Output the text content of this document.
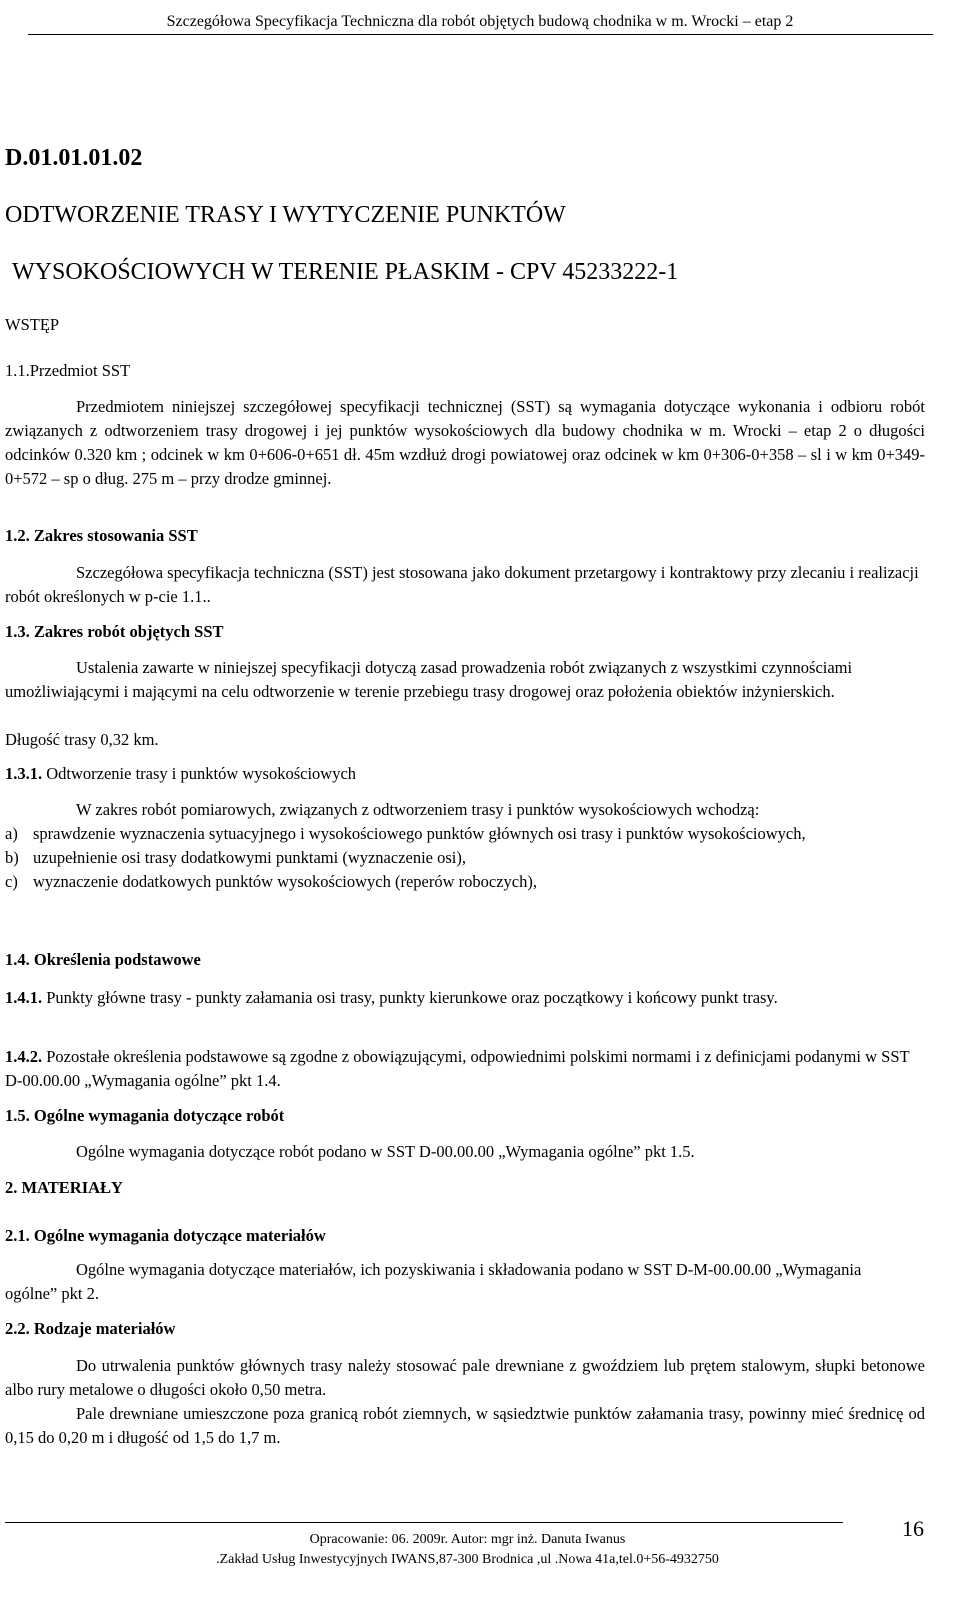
Szczegółowa Specyfikacja Techniczna dla robót objętych budową chodnika w m. Wrocki – etap 2
D.01.01.01.02
ODTWORZENIE TRASY I WYTYCZENIE PUNKTÓW
WYSOKOŚCIOWYCH W TERENIE PŁASKIM - CPV 45233222-1
WSTĘP
1.1.Przedmiot SST
Przedmiotem niniejszej szczegółowej specyfikacji technicznej (SST) są wymagania dotyczące wykonania i odbioru robót związanych z odtworzeniem trasy drogowej i jej punktów wysokościowych dla budowy chodnika w m. Wrocki – etap 2 o długości odcinków 0.320 km ; odcinek w km 0+606-0+651 dł. 45m wzdłuż drogi powiatowej oraz odcinek w km 0+306-0+358 – sl i w km 0+349-0+572 – sp o dług. 275 m – przy drodze gminnej.
1.2. Zakres stosowania SST
Szczegółowa specyfikacja techniczna (SST) jest stosowana jako dokument przetargowy i kontraktowy przy zlecaniu i realizacji robót określonych w p-cie 1.1..
1.3. Zakres robót objętych SST
Ustalenia zawarte w niniejszej specyfikacji dotyczą zasad prowadzenia robót związanych z wszystkimi czynnościami umożliwiającymi i mającymi na celu odtworzenie w terenie przebiegu trasy drogowej oraz położenia obiektów inżynierskich.
Długość trasy 0,32 km.
1.3.1. Odtworzenie trasy i punktów wysokościowych
W zakres robót pomiarowych, związanych z odtworzeniem trasy i punktów wysokościowych wchodzą:
a) sprawdzenie wyznaczenia sytuacyjnego i wysokościowego punktów głównych osi trasy i punktów wysokościowych,
b) uzupełnienie osi trasy dodatkowymi punktami (wyznaczenie osi),
c) wyznaczenie dodatkowych punktów wysokościowych (reperów roboczych),
1.4. Określenia podstawowe
1.4.1. Punkty główne trasy - punkty załamania osi trasy, punkty kierunkowe oraz początkowy i końcowy punkt trasy.
1.4.2. Pozostałe określenia podstawowe są zgodne z obowiązującymi, odpowiednimi polskimi normami i z definicjami podanymi w SST D-00.00.00 „Wymagania ogólne” pkt 1.4.
1.5. Ogólne wymagania dotyczące robót
Ogólne wymagania dotyczące robót podano w SST D-00.00.00 „Wymagania ogólne” pkt 1.5.
2. MATERIAŁY
2.1. Ogólne wymagania dotyczące materiałów
Ogólne wymagania dotyczące materiałów, ich pozyskiwania i składowania podano w SST D-M-00.00.00 „Wymagania ogólne” pkt 2.
2.2. Rodzaje materiałów
Do utrwalenia punktów głównych trasy należy stosować pale drewniane z gwoździem lub prętem stalowym, słupki betonowe albo rury metalowe o długości około 0,50 metra.
Pale drewniane umieszczone poza granicą robót ziemnych, w sąsiedztwie punktów załamania trasy, powinny mieć średnicę od 0,15 do 0,20 m i długość od 1,5 do 1,7 m.
Opracowanie: 06. 2009r. Autor: mgr inż. Danuta Iwanus
.Zakład Usług Inwestycyjnych IWANS,87-300 Brodnica ,ul .Nowa 41a,tel.0+56-4932750
16
